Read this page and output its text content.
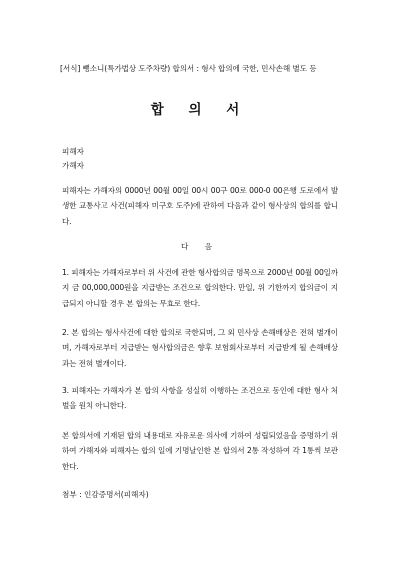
[서식] 뺑소니(특가법상 도주차량) 합의서 : 형사 합의에 국한, 민사손해 별도 등
합 의 서
피해자
가해자
피해자는 가해자의 0000년 00월 00일 00시 00구 00로 000-0 00은행 도로에서 발생한 교통사고 사건(피해자 미구호 도주)에 관하여 다음과 같이 형사상의 합의를 합니다.
다 음
1. 피해자는 가해자로부터 위 사건에 관한 형사합의금 명목으로 2000년 00월 00일까지 금 00,000,000원을 지급받는 조건으로 합의한다. 만일, 위 기한까지 합의금이 지급되지 아니할 경우 본 합의는 무효로 한다.
2. 본 합의는 형사사건에 대한 합의로 국한되며, 그 외 민사상 손해배상은 전혀 별개이며, 가해자로부터 지급받는 형사합의금은 향후 보험회사로부터 지급받게 될 손해배상과는 전혀 별개이다.
3. 피해자는 가해자가 본 합의 사항을 성실히 이행하는 조건으로 동인에 대한 형사 처벌을 원치 아니한다.
본 합의서에 기재된 합의 내용대로 자유로운 의사에 기하여 성립되었음을 증명하기 위하여 가해자와 피해자는 합의 일에 기명날인한 본 합의서 2통 작성하여 각 1통씩 보관한다.
첨부 : 인감증명서(피해자)
